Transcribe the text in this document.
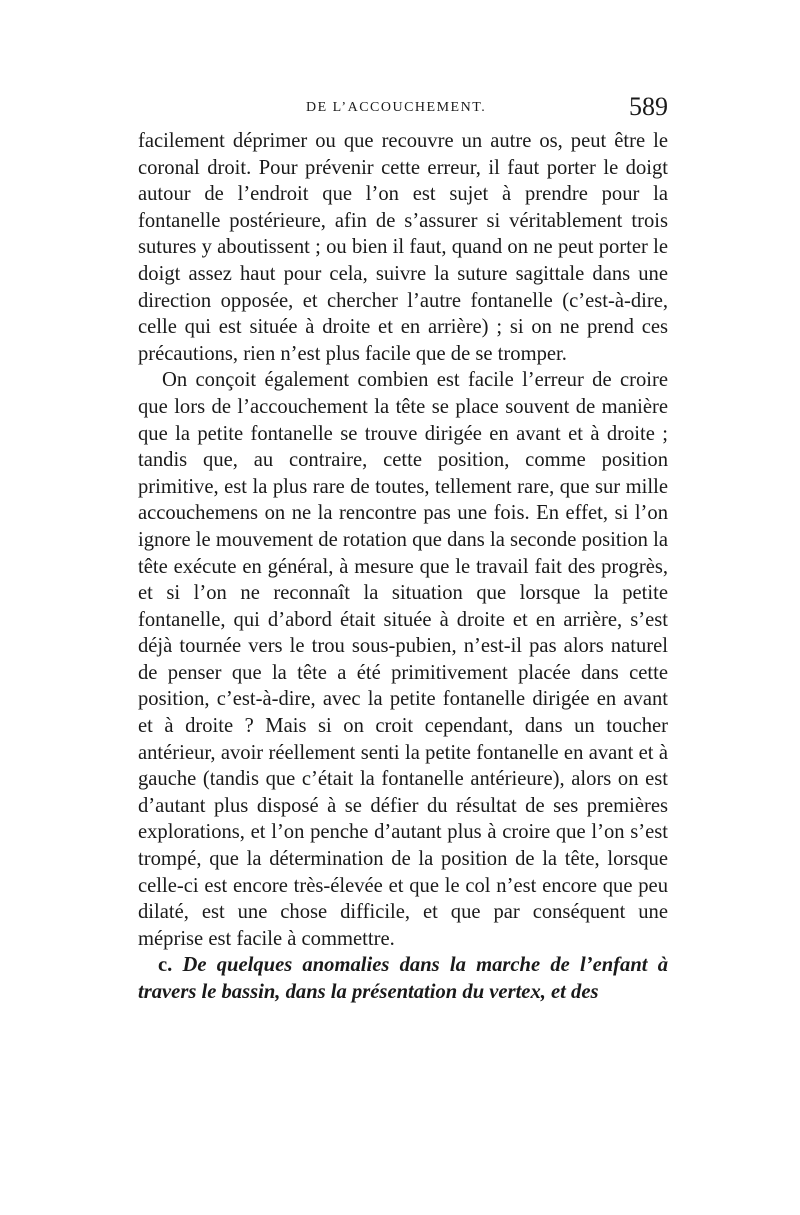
DE L’ACCOUCHEMENT.	589

facilement déprimer ou que recouvre un autre os, peut être le coronal droit. Pour prévenir cette erreur, il faut porter le doigt autour de l’endroit que l’on est sujet à prendre pour la fontanelle postérieure, afin de s’assurer si véritablement trois sutures y aboutissent ; ou bien il faut, quand on ne peut porter le doigt assez haut pour cela, suivre la suture sagittale dans une direction opposée, et chercher l’autre fontanelle (c’est-à-dire, celle qui est située à droite et en arrière) ; si on ne prend ces précautions, rien n’est plus facile que de se tromper.

On conçoit également combien est facile l’erreur de croire que lors de l’accouchement la tête se place souvent de manière que la petite fontanelle se trouve dirigée en avant et à droite ; tandis que, au contraire, cette position, comme position primitive, est la plus rare de toutes, tellement rare, que sur mille accouchemens on ne la rencontre pas une fois. En effet, si l’on ignore le mouvement de rotation que dans la seconde position la tête exécute en général, à mesure que le travail fait des progrès, et si l’on ne reconnaît la situation que lorsque la petite fontanelle, qui d’abord était située à droite et en arrière, s’est déjà tournée vers le trou sous-pubien, n’est-il pas alors naturel de penser que la tête a été primitivement placée dans cette position, c’est-à-dire, avec la petite fontanelle dirigée en avant et à droite ? Mais si on croit cependant, dans un toucher antérieur, avoir réellement senti la petite fontanelle en avant et à gauche (tandis que c’était la fontanelle antérieure), alors on est d’autant plus disposé à se défier du résultat de ses premières explorations, et l’on penche d’autant plus à croire que l’on s’est trompé, que la détermination de la position de la tête, lorsque celle-ci est encore très-élevée et que le col n’est encore que peu dilaté, est une chose difficile, et que par conséquent une méprise est facile à commettre.

c. De quelques anomalies dans la marche de l’enfant à travers le bassin, dans la présentation du vertex, et des
